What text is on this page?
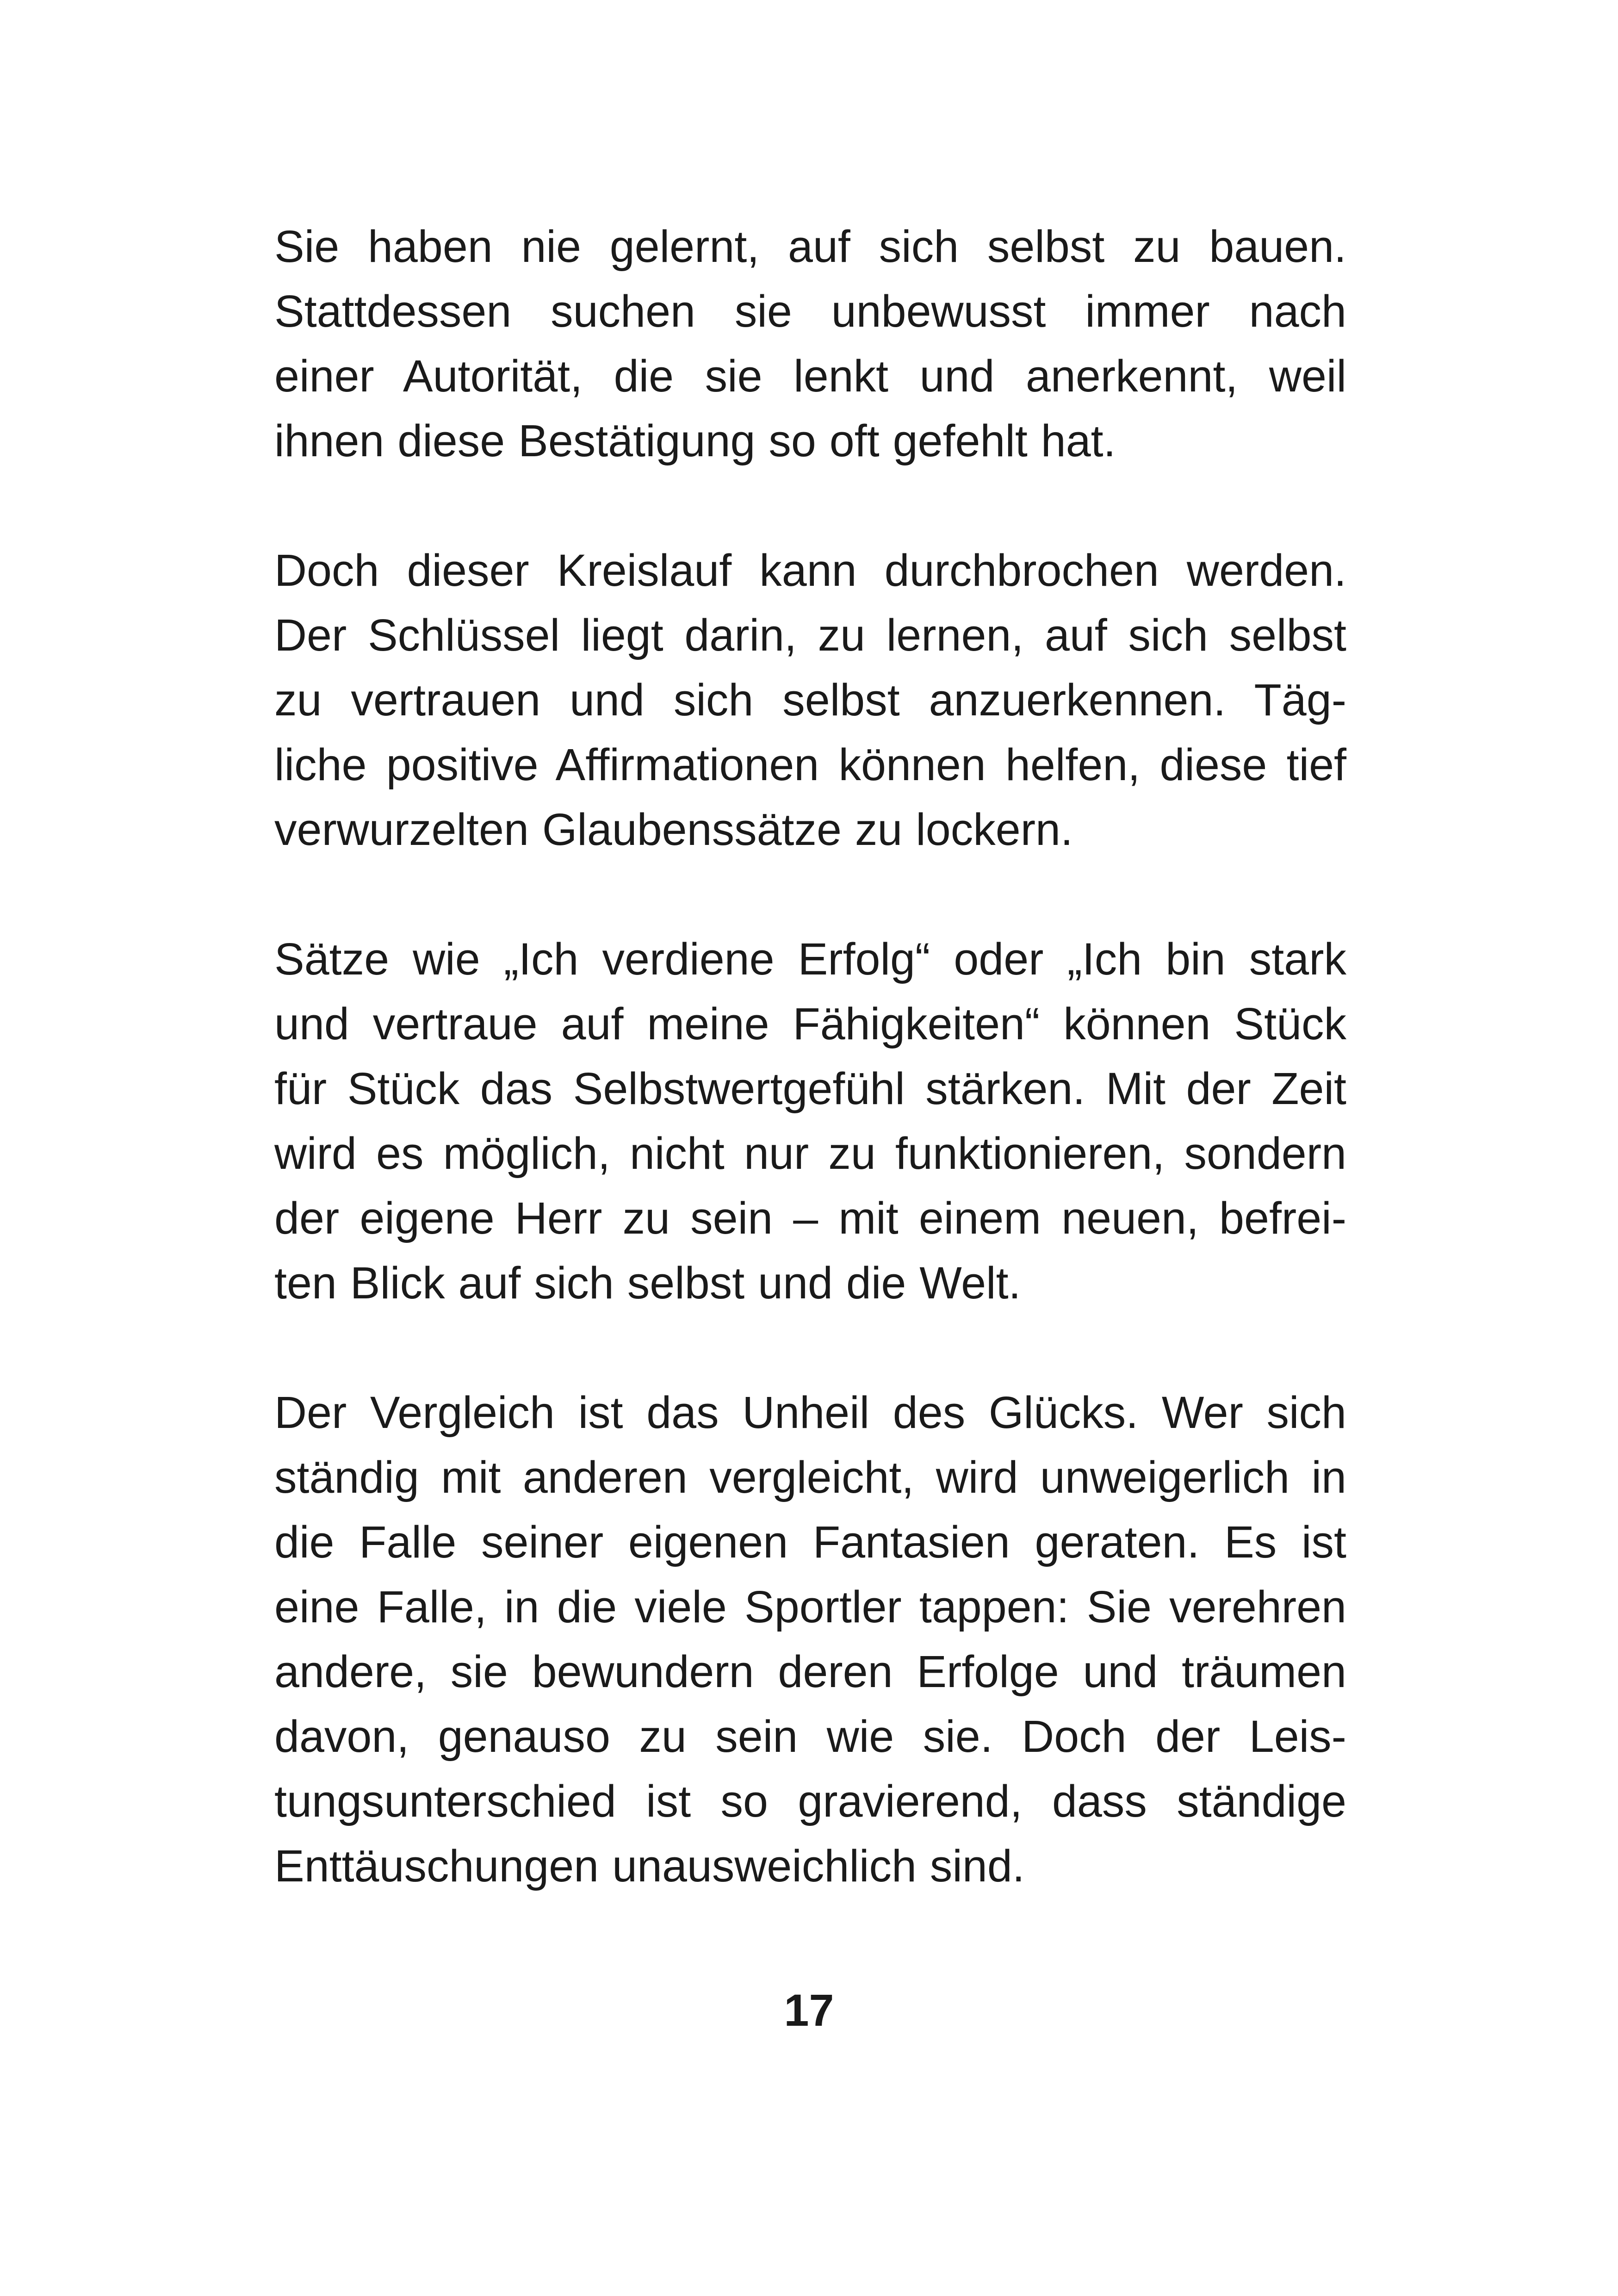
Sie haben nie gelernt, auf sich selbst zu bauen.
Stattdessen suchen sie unbewusst immer nach
einer Autorität, die sie lenkt und anerkennt, weil
ihnen diese Bestätigung so oft gefehlt hat.

Doch dieser Kreislauf kann durchbrochen werden.
Der Schlüssel liegt darin, zu lernen, auf sich selbst
zu vertrauen und sich selbst anzuerkennen. Täg-
liche positive Affirmationen können helfen, diese tief
verwurzelten Glaubenssätze zu lockern.

Sätze wie „Ich verdiene Erfolg“ oder „Ich bin stark
und vertraue auf meine Fähigkeiten“ können Stück
für Stück das Selbstwertgefühl stärken. Mit der Zeit
wird es möglich, nicht nur zu funktionieren, sondern
der eigene Herr zu sein – mit einem neuen, befrei-
ten Blick auf sich selbst und die Welt.

Der Vergleich ist das Unheil des Glücks. Wer sich
ständig mit anderen vergleicht, wird unweigerlich in
die Falle seiner eigenen Fantasien geraten. Es ist
eine Falle, in die viele Sportler tappen: Sie verehren
andere, sie bewundern deren Erfolge und träumen
davon, genauso zu sein wie sie. Doch der Leis-
tungsunterschied ist so gravierend, dass ständige
Enttäuschungen unausweichlich sind.

17
